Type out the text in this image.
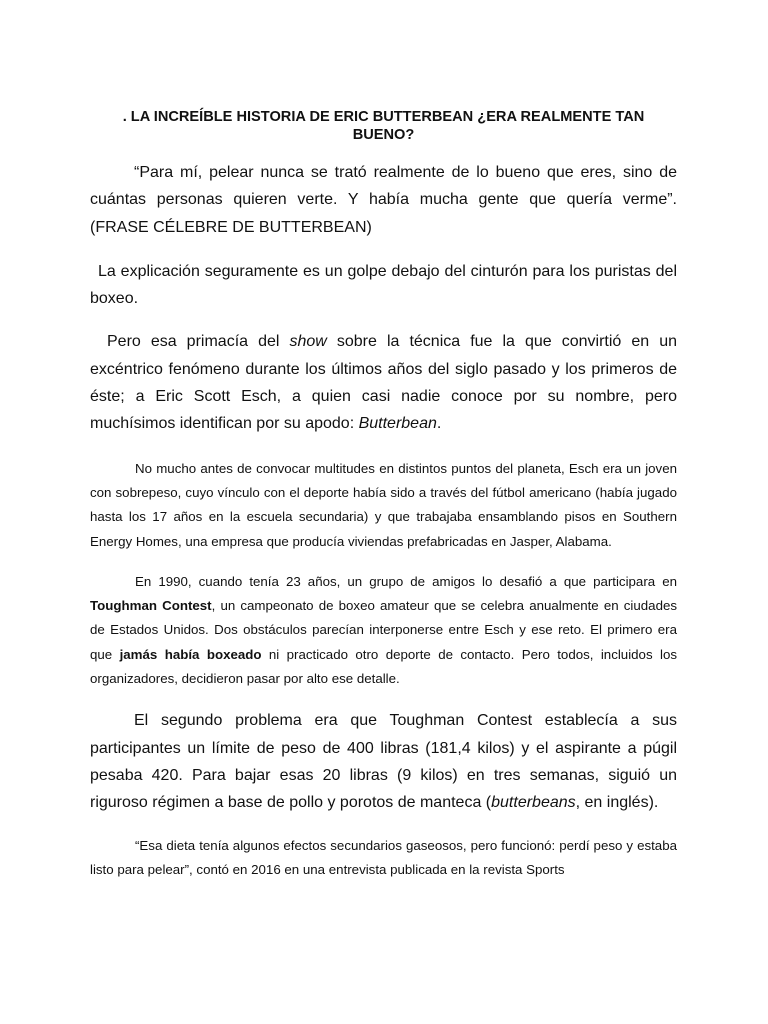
. LA INCREÍBLE HISTORIA DE ERIC BUTTERBEAN ¿ERA REALMENTE TAN BUENO?

“Para mí, pelear nunca se trató realmente de lo bueno que eres, sino de cuántas personas quieren verte. Y había mucha gente que quería verme”. (FRASE CÉLEBRE DE BUTTERBEAN)

La explicación seguramente es un golpe debajo del cinturón para los puristas del boxeo.

Pero esa primacía del show sobre la técnica fue la que convirtió en un excéntrico fenómeno durante los últimos años del siglo pasado y los primeros de éste; a Eric Scott Esch, a quien casi nadie conoce por su nombre, pero muchísimos identifican por su apodo: Butterbean.

No mucho antes de convocar multitudes en distintos puntos del planeta, Esch era un joven con sobrepeso, cuyo vínculo con el deporte había sido a través del fútbol americano (había jugado hasta los 17 años en la escuela secundaria) y que trabajaba ensamblando pisos en Southern Energy Homes, una empresa que producía viviendas prefabricadas en Jasper, Alabama.

En 1990, cuando tenía 23 años, un grupo de amigos lo desafió a que participara en Toughman Contest, un campeonato de boxeo amateur que se celebra anualmente en ciudades de Estados Unidos. Dos obstáculos parecían interponerse entre Esch y ese reto. El primero era que jamás había boxeado ni practicado otro deporte de contacto. Pero todos, incluidos los organizadores, decidieron pasar por alto ese detalle.

El segundo problema era que Toughman Contest establecía a sus participantes un límite de peso de 400 libras (181,4 kilos) y el aspirante a púgil pesaba 420. Para bajar esas 20 libras (9 kilos) en tres semanas, siguió un riguroso régimen a base de pollo y porotos de manteca (butterbeans, en inglés).

“Esa dieta tenía algunos efectos secundarios gaseosos, pero funcionó: perdí peso y estaba listo para pelear”, contó en 2016 en una entrevista publicada en la revista Sports
